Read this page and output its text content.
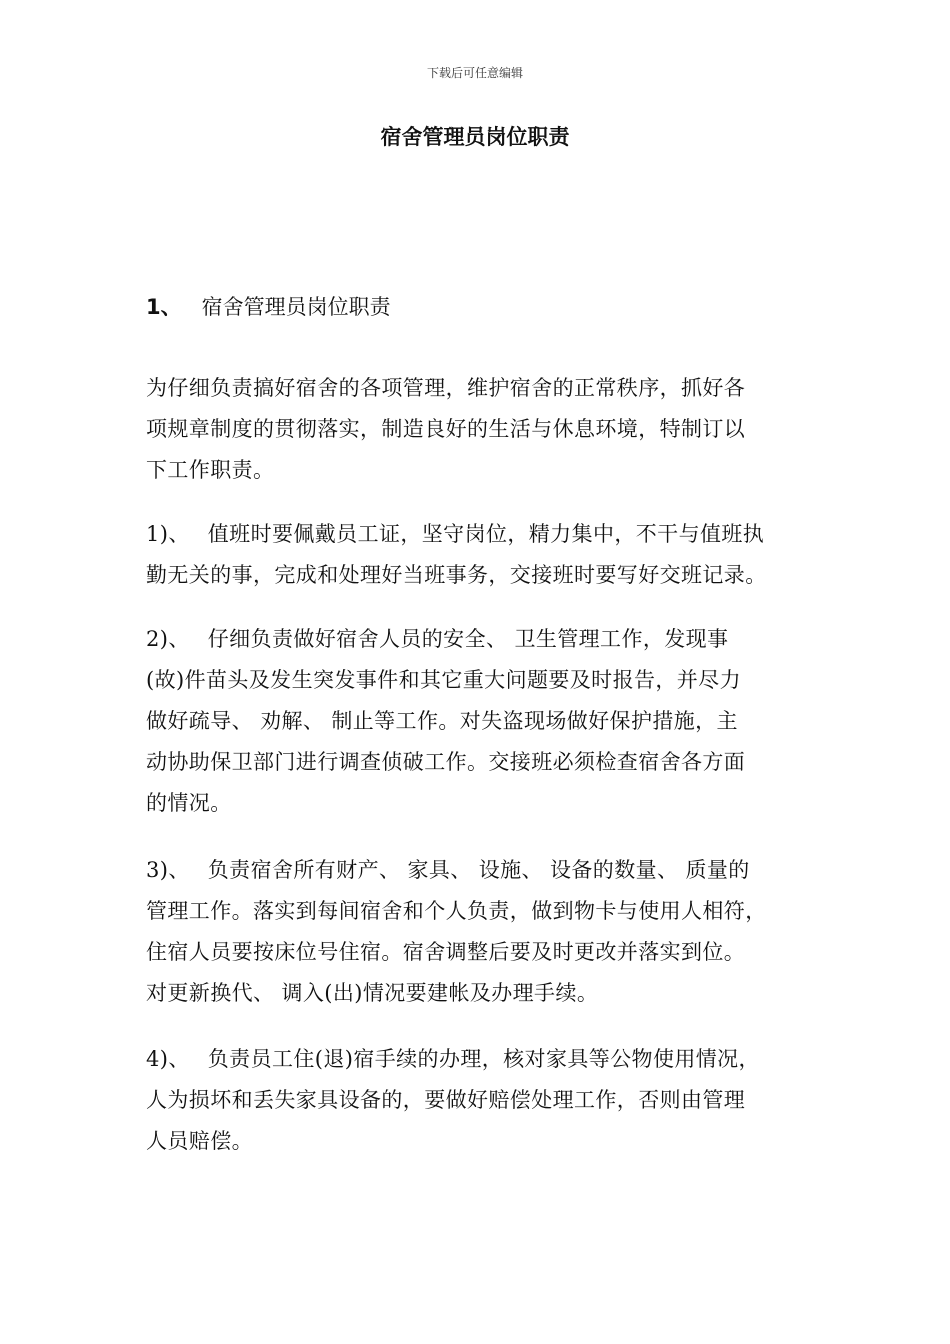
下载后可任意编辑
宿舍管理员岗位职责
1、 宿舍管理员岗位职责
为仔细负责搞好宿舍的各项管理，维护宿舍的正常秩序，抓好各
项规章制度的贯彻落实，制造良好的生活与休息环境，特制订以
下工作职责。
1)、 值班时要佩戴员工证，坚守岗位，精力集中，不干与值班执
勤无关的事，完成和处理好当班事务，交接班时要写好交班记录。
2)、 仔细负责做好宿舍人员的安全、 卫生管理工作，发现事
(故)件苗头及发生突发事件和其它重大问题要及时报告，并尽力
做好疏导、 劝解、 制止等工作。对失盗现场做好保护措施，主
动协助保卫部门进行调查侦破工作。交接班必须检查宿舍各方面
的情况。
3)、 负责宿舍所有财产、 家具、 设施、 设备的数量、 质量的
管理工作。落实到每间宿舍和个人负责，做到物卡与使用人相符，
住宿人员要按床位号住宿。宿舍调整后要及时更改并落实到位。
对更新换代、 调入(出)情况要建帐及办理手续。
4)、 负责员工住(退)宿手续的办理，核对家具等公物使用情况，
人为损坏和丢失家具设备的，要做好赔偿处理工作，否则由管理
人员赔偿。
